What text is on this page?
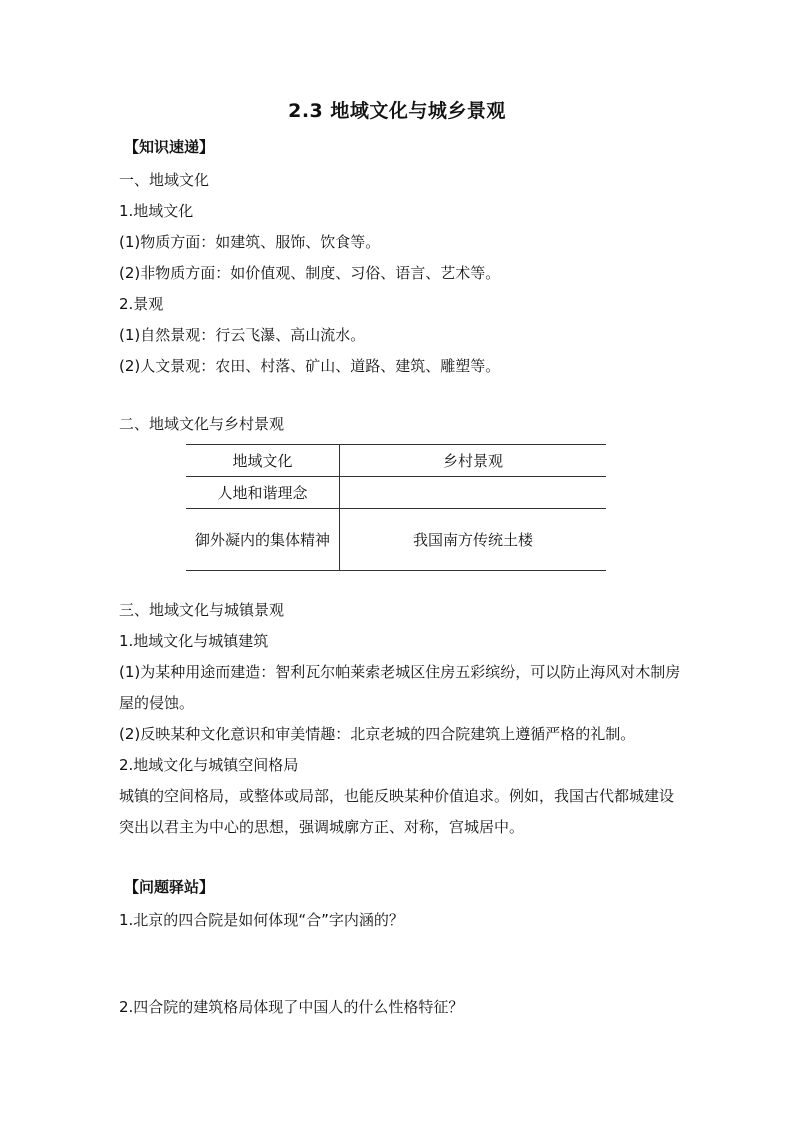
2.3 地域文化与城乡景观
【知识速递】
一、地域文化
1.地域文化
(1)物质方面：如建筑、服饰、饮食等。
(2)非物质方面：如价值观、制度、习俗、语言、艺术等。
2.景观
(1)自然景观：行云飞瀑、高山流水。
(2)人文景观：农田、村落、矿山、道路、建筑、雕塑等。
二、地域文化与乡村景观
地域文化	乡村景观
人地和谐理念	
御外凝内的集体精神	我国南方传统土楼
三、地域文化与城镇景观
1.地域文化与城镇建筑
(1)为某种用途而建造：智利瓦尔帕莱索老城区住房五彩缤纷，可以防止海风对木制房屋的侵蚀。
(2)反映某种文化意识和审美情趣：北京老城的四合院建筑上遵循严格的礼制。
2.地域文化与城镇空间格局
城镇的空间格局，或整体或局部，也能反映某种价值追求。例如，我国古代都城建设突出以君主为中心的思想，强调城廓方正、对称，宫城居中。
【问题驿站】
1.北京的四合院是如何体现“合”字内涵的？
2.四合院的建筑格局体现了中国人的什么性格特征？
